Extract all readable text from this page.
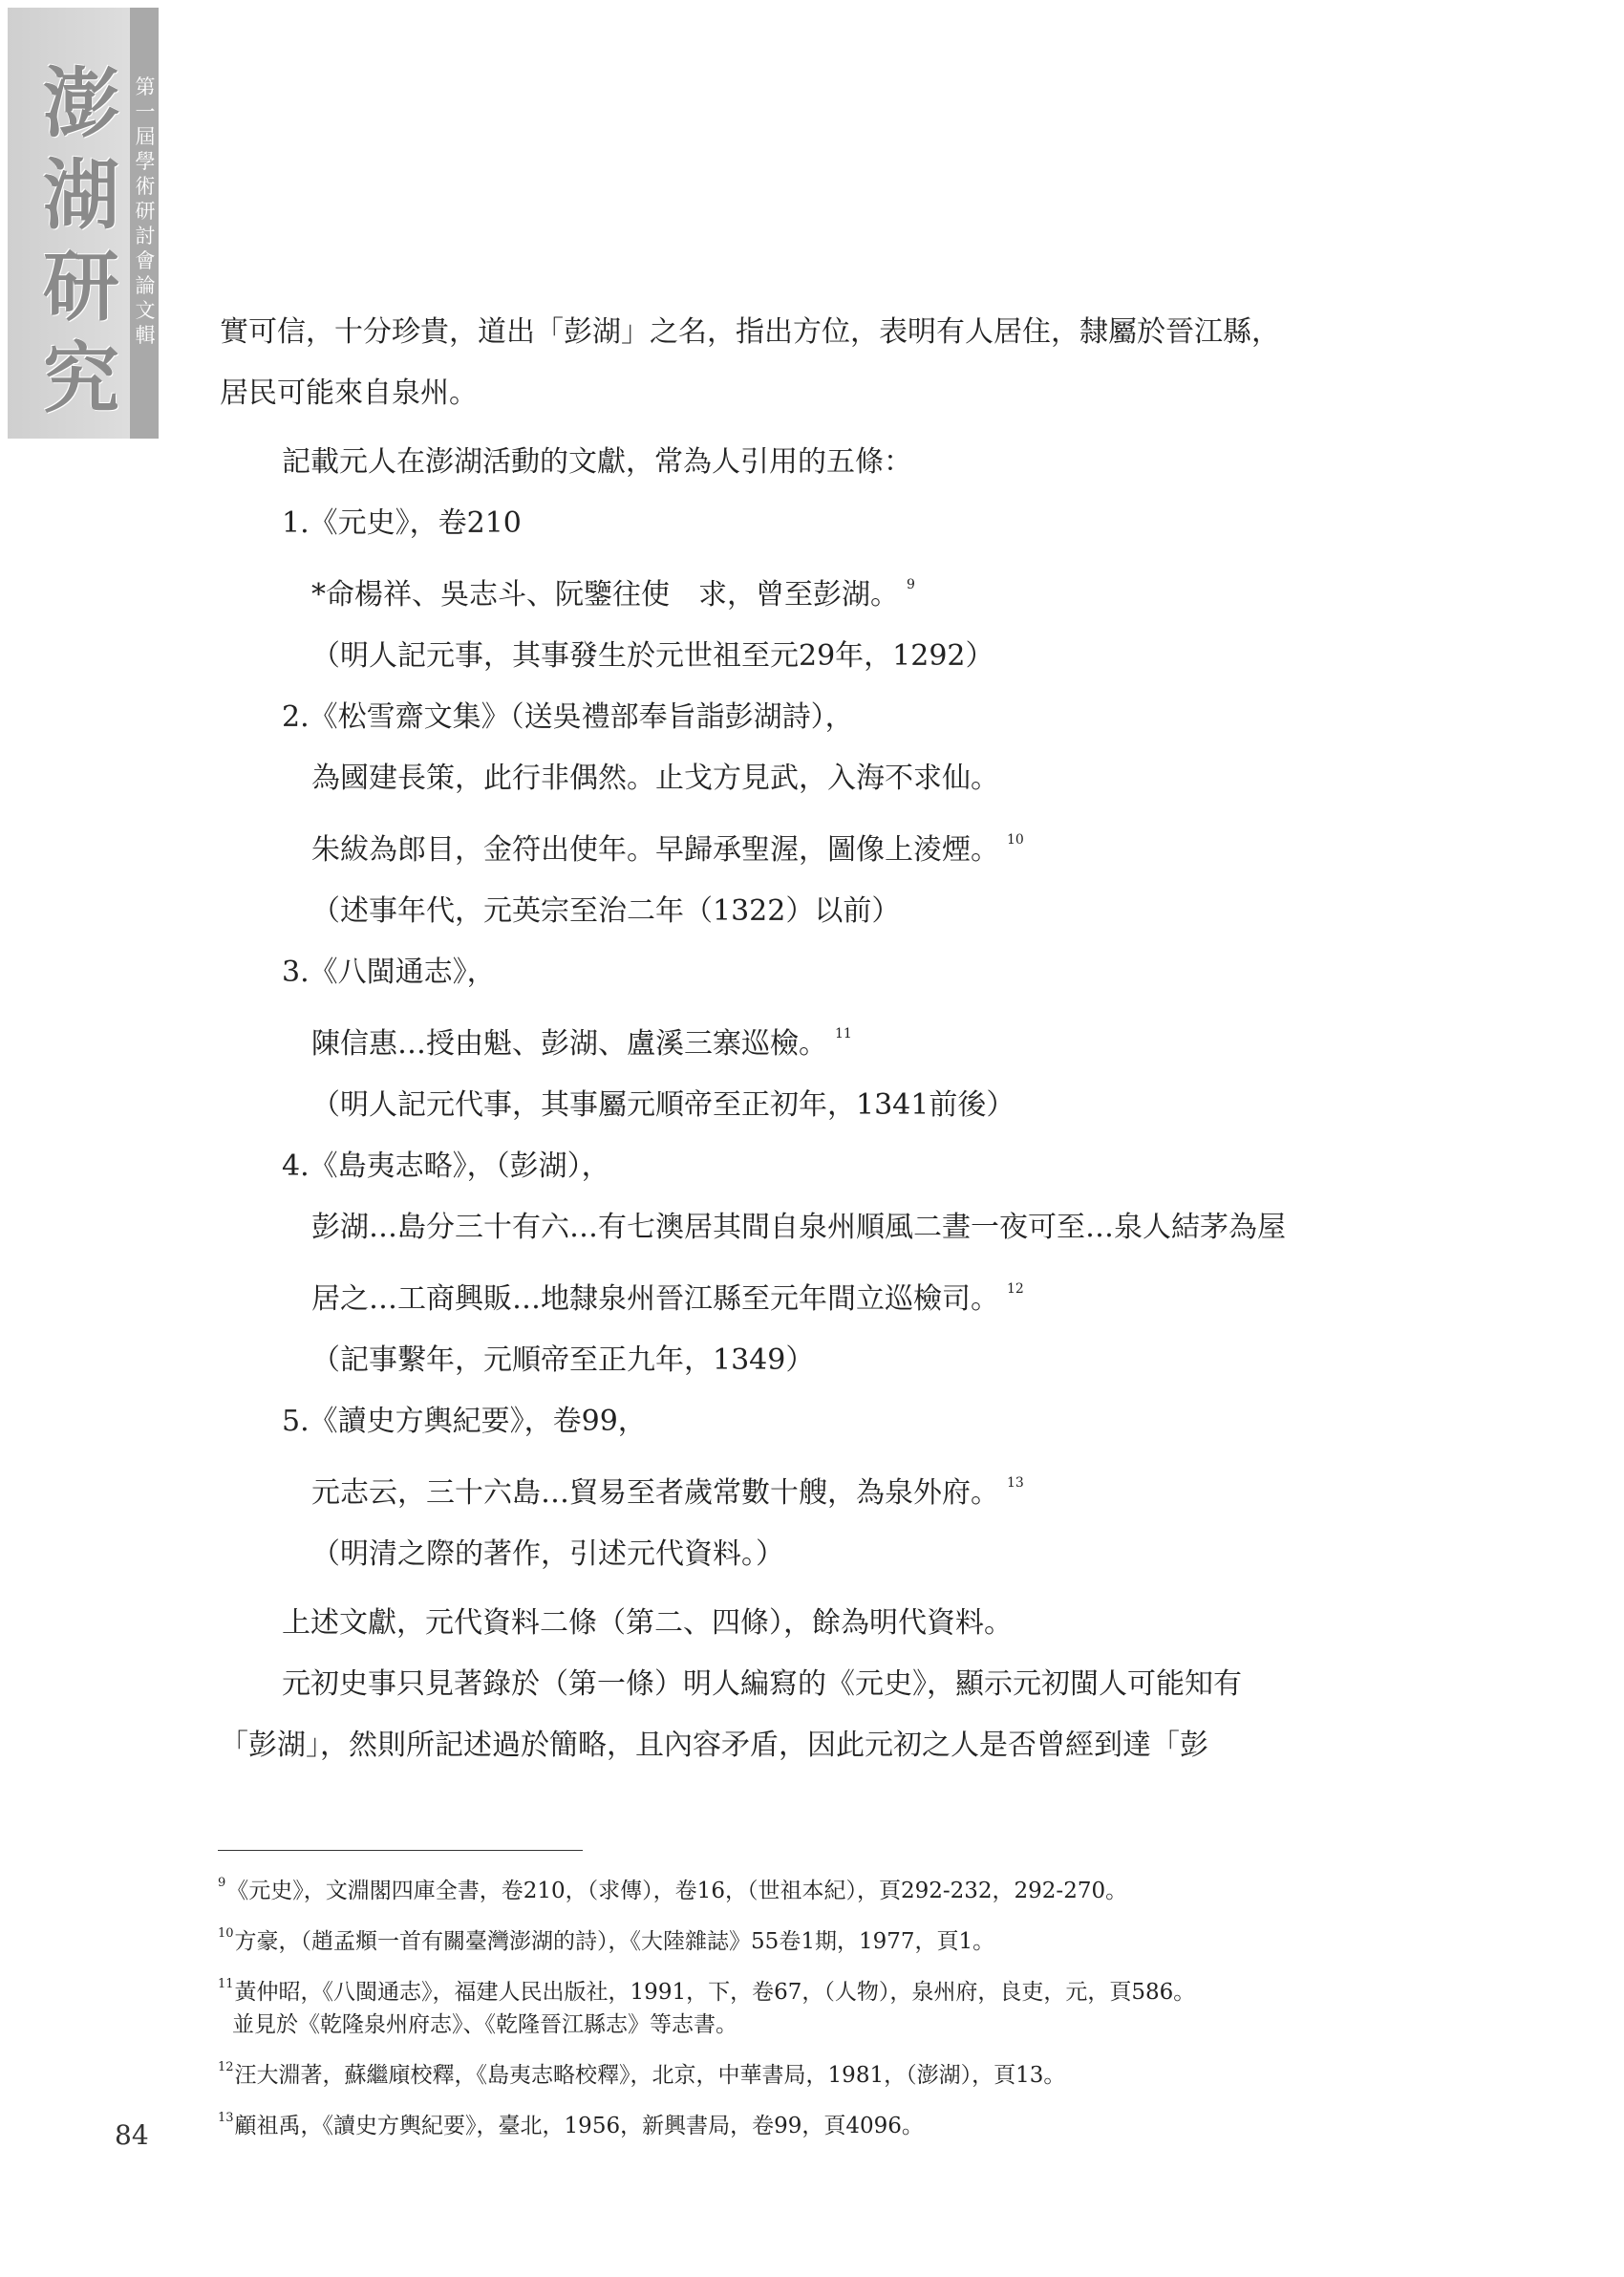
澎
湖
研
究
第
一
屆
學
術
研
討
會
論
文
輯 實可信，十分珍貴，道出「彭湖」之名，指出方位，表明有人居住，隸屬於晉江縣，

居民可能來自泉州。

記載元人在澎湖活動的文獻，常為人引用的五條：

1.《元史》，卷210

*命楊祥、吳志斗、阮鑒往使　求，曾至彭湖。 $^9$

（明人記元事，其事發生於元世祖至元29年，1292）

2.《松雪齋文集》（送吳禮部奉旨詣彭湖詩），

為國建長策，此行非偶然。止戈方見武，入海不求仙。

朱紱為郎目，金符出使年。早歸承聖渥，圖像上淩煙。 $^{10}$

（述事年代，元英宗至治二年（1322）以前）

3.《八閩通志》，

陳信惠…授由魁、彭湖、盧溪三寨巡檢。 $^{11}$

（明人記元代事，其事屬元順帝至正初年，1341前後）

4.《島夷志略》，（彭湖），

彭湖…島分三十有六…有七澳居其間自泉州順風二晝一夜可至…泉人結茅為屋

居之…工商興販…地隸泉州晉江縣至元年間立巡檢司。 $^{12}$

（記事繫年，元順帝至正九年，1349）

5.《讀史方輿紀要》，卷99，

元志云，三十六島…貿易至者歲常數十艘，為泉外府。 $^{13}$

（明清之際的著作，引述元代資料。）

上述文獻，元代資料二條（第二、四條），餘為明代資料。

元初史事只見著錄於（第一條）明人編寫的《元史》，顯示元初閩人可能知有

「彭湖」，然則所記述過於簡略，且內容矛盾，因此元初之人是否曾經到達「彭

$^9$《元史》，文淵閣四庫全書，卷210，（求傳），卷16，（世祖本紀），頁292-232，292-270。

$^{10}$方豪，（趙孟頫一首有關臺灣澎湖的詩），《大陸雜誌》55卷1期，1977，頁1。

$^{11}$黃仲昭，《八閩通志》，福建人民出版社，1991，下，卷67，（人物），泉州府，良吏，元，頁586。
並見於《乾隆泉州府志》、《乾隆晉江縣志》等志書。

$^{12}$汪大淵著，蘇繼廎校釋，《島夷志略校釋》，北京，中華書局，1981，（澎湖），頁13。

$^{13}$顧祖禹，《讀史方輿紀要》，臺北，1956，新興書局，卷99，頁4096。

84
